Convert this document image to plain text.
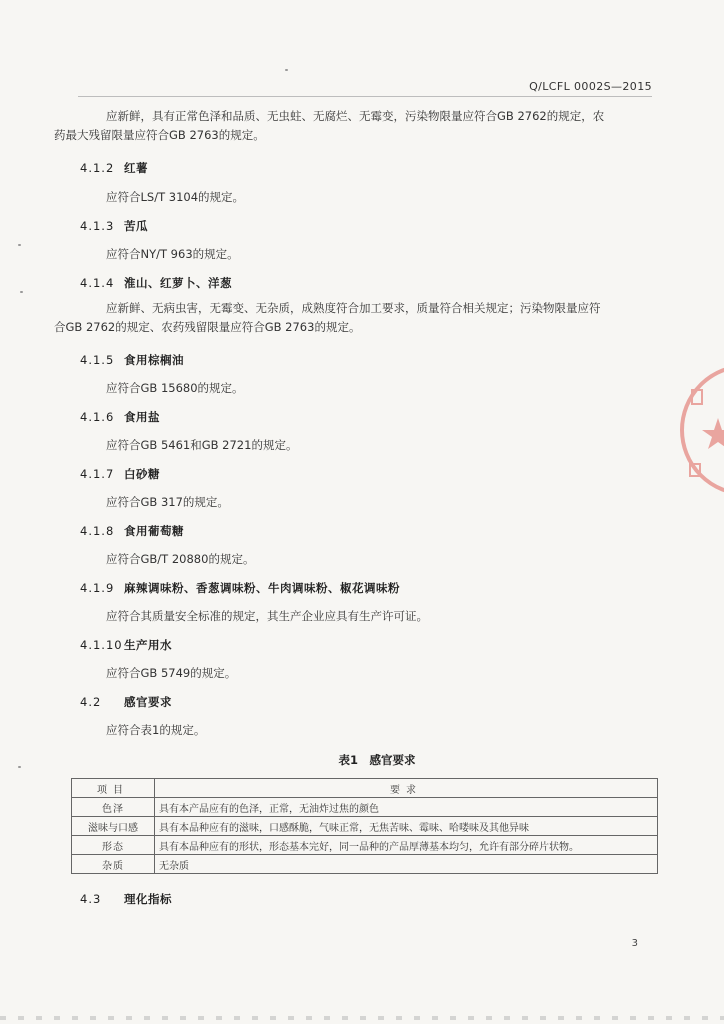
Q/LCFL 0002S—2015
应新鲜，具有正常色泽和品质、无虫蛀、无腐烂、无霉变，污染物限量应符合GB 2762的规定，农
药最大残留限量应符合GB 2763的规定。
4.1.2 红薯
应符合LS/T 3104的规定。
4.1.3 苦瓜
应符合NY/T 963的规定。
4.1.4 淮山、红萝卜、洋葱
应新鲜、无病虫害，无霉变、无杂质，成熟度符合加工要求，质量符合相关规定；污染物限量应符
合GB 2762的规定、农药残留限量应符合GB 2763的规定。
4.1.5 食用棕榈油
应符合GB 15680的规定。
4.1.6 食用盐
应符合GB 5461和GB 2721的规定。
4.1.7 白砂糖
应符合GB 317的规定。
4.1.8 食用葡萄糖
应符合GB/T 20880的规定。
4.1.9 麻辣调味粉、香葱调味粉、牛肉调味粉、椒花调味粉
应符合其质量安全标准的规定，其生产企业应具有生产许可证。
4.1.10生产用水
应符合GB 5749的规定。
4.2 感官要求
应符合表1的规定。
表1　感官要求
项目	要求
色泽	具有本产品应有的色泽，正常，无油炸过焦的颜色
滋味与口感	具有本品种应有的滋味，口感酥脆，气味正常，无焦苦味、霉味、哈喽味及其他异味
形态	具有本品种应有的形状，形态基本完好，同一品种的产品厚薄基本均匀，允许有部分碎片状物。
杂质	无杂质
4.3 理化指标
3
